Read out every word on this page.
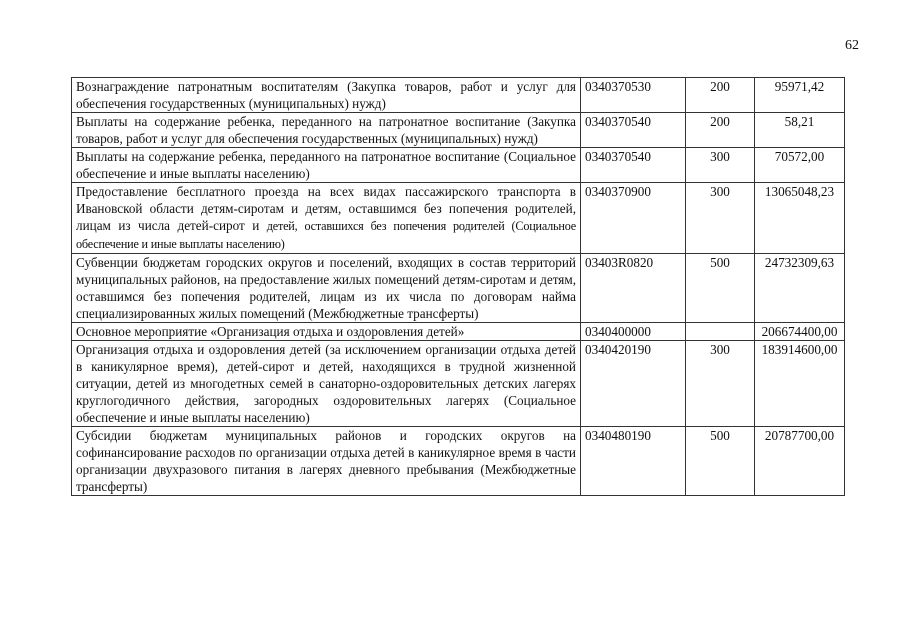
62
Вознаграждение патронатным воспитателям (Закупка товаров, работ и услуг для обеспечения государственных (муниципальных) нужд)	0340370530	200	95971,42
Выплаты на содержание ребенка, переданного на патронатное воспитание (Закупка товаров, работ и услуг для обеспечения государственных (муниципальных) нужд)	0340370540	200	58,21
Выплаты на содержание ребенка, переданного на патронатное воспитание (Социальное обеспечение и иные выплаты населению)	0340370540	300	70572,00
Предоставление бесплатного проезда на всех видах пассажирского транспорта в Ивановской области детям-сиротам и детям, оставшимся без попечения родителей, лицам из числа детей-сирот и детей, оставшихся без попечения родителей (Социальное обеспечение и иные выплаты населению)	0340370900	300	13065048,23
Субвенции бюджетам городских округов и поселений, входящих в состав территорий муниципальных районов, на предоставление жилых помещений детям-сиротам и детям, оставшимся без попечения родителей, лицам из их числа по договорам найма специализированных жилых помещений (Межбюджетные трансферты)	03403R0820	500	24732309,63
Основное мероприятие «Организация отдыха и оздоровления детей»	0340400000		206674400,00
Организация отдыха и оздоровления детей (за исключением организации отдыха детей в каникулярное время), детей-сирот и детей, находящихся в трудной жизненной ситуации, детей из многодетных семей в санаторно-оздоровительных детских лагерях круглогодичного действия, загородных оздоровительных лагерях (Социальное обеспечение и иные выплаты населению)	0340420190	300	183914600,00
Субсидии бюджетам муниципальных районов и городских округов на софинансирование расходов по организации отдыха детей в каникулярное время в части организации двухразового питания в лагерях дневного пребывания (Межбюджетные трансферты)	0340480190	500	20787700,00
